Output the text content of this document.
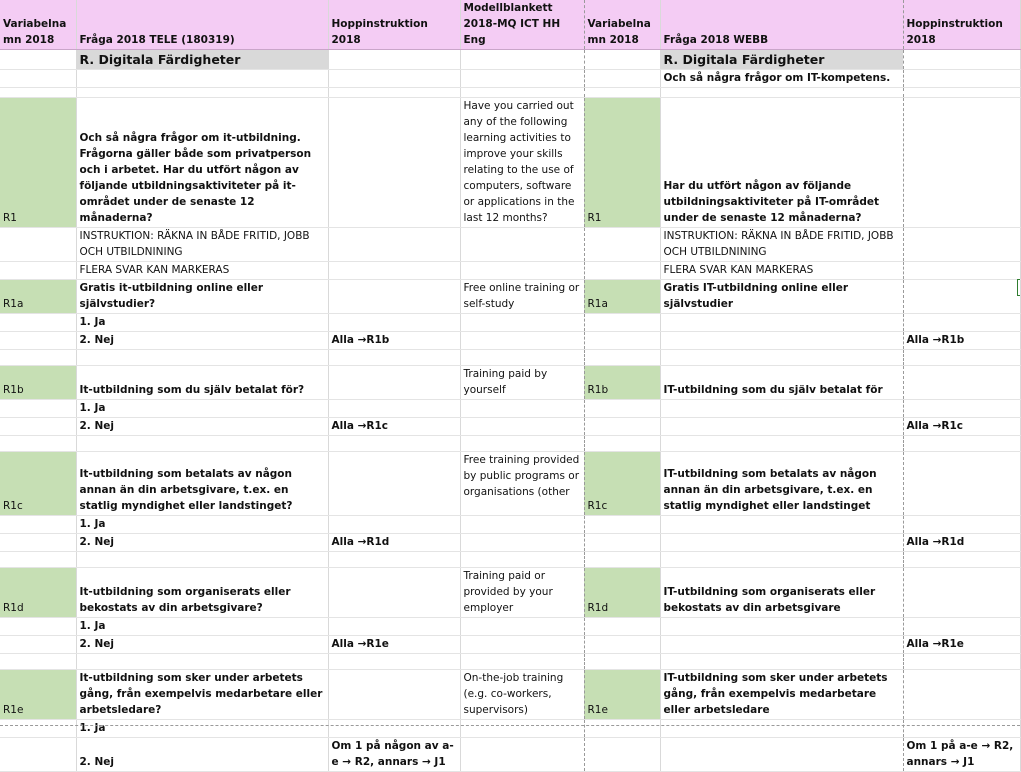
Variabelnamn 2018	Fråga 2018 TELE (180319)	Hoppinstruktion 2018	Modellblankett 2018-MQ ICT HH Eng	Variabelnamn 2018	Fråga 2018 WEBB	Hoppinstruktion 2018
	R. Digitala Färdigheter				R. Digitala Färdigheter	
					Och så några frågor om IT-kompetens.	

R1	Och så några frågor om it-utbildning. Frågorna gäller både som privatperson och i arbetet. Har du utfört någon av följande utbildningsaktiviteter på it-området under de senaste 12 månaderna?		Have you carried out any of the following learning activities to improve your skills relating to the use of computers, software or applications in the last 12 months?	R1	Har du utfört någon av följande utbildningsaktiviteter på IT-området under de senaste 12 månaderna?	
	INSTRUKTION: RÄKNA IN BÅDE FRITID, JOBB OCH UTBILDNINING				INSTRUKTION: RÄKNA IN BÅDE FRITID, JOBB OCH UTBILDNINING	
	FLERA SVAR KAN MARKERAS				FLERA SVAR KAN MARKERAS	
R1a	Gratis it-utbildning online eller självstudier?		Free online training or self-study	R1a	Gratis IT-utbildning online eller självstudier	
	1. Ja					
	2. Nej	Alla →R1b				Alla →R1b

R1b	It-utbildning som du själv betalat för?		Training paid by yourself	R1b	IT-utbildning som du själv betalat för	
	1. Ja					
	2. Nej	Alla →R1c				Alla →R1c

R1c	It-utbildning som betalats av någon annan än din arbetsgivare, t.ex. en statlig myndighet eller landstinget?		Free training provided by public programs or organisations (other	R1c	IT-utbildning som betalats av någon annan än din arbetsgivare, t.ex. en statlig myndighet eller landstinget	
	1. Ja					
	2. Nej	Alla →R1d				Alla →R1d

R1d	It-utbildning som organiserats eller bekostats av din arbetsgivare?		Training paid or provided by your employer	R1d	IT-utbildning som organiserats eller bekostats av din arbetsgivare	
	1. Ja					
	2. Nej	Alla →R1e				Alla →R1e

R1e	It-utbildning som sker under arbetets gång, från exempelvis medarbetare eller arbetsledare?		On-the-job training (e.g. co-workers, supervisors)	R1e	IT-utbildning som sker under arbetets gång, från exempelvis medarbetare eller arbetsledare	
	1. Ja					
	2. Nej	Om 1 på någon av a-e → R2, annars → J1				Om 1 på a-e → R2, annars → J1
